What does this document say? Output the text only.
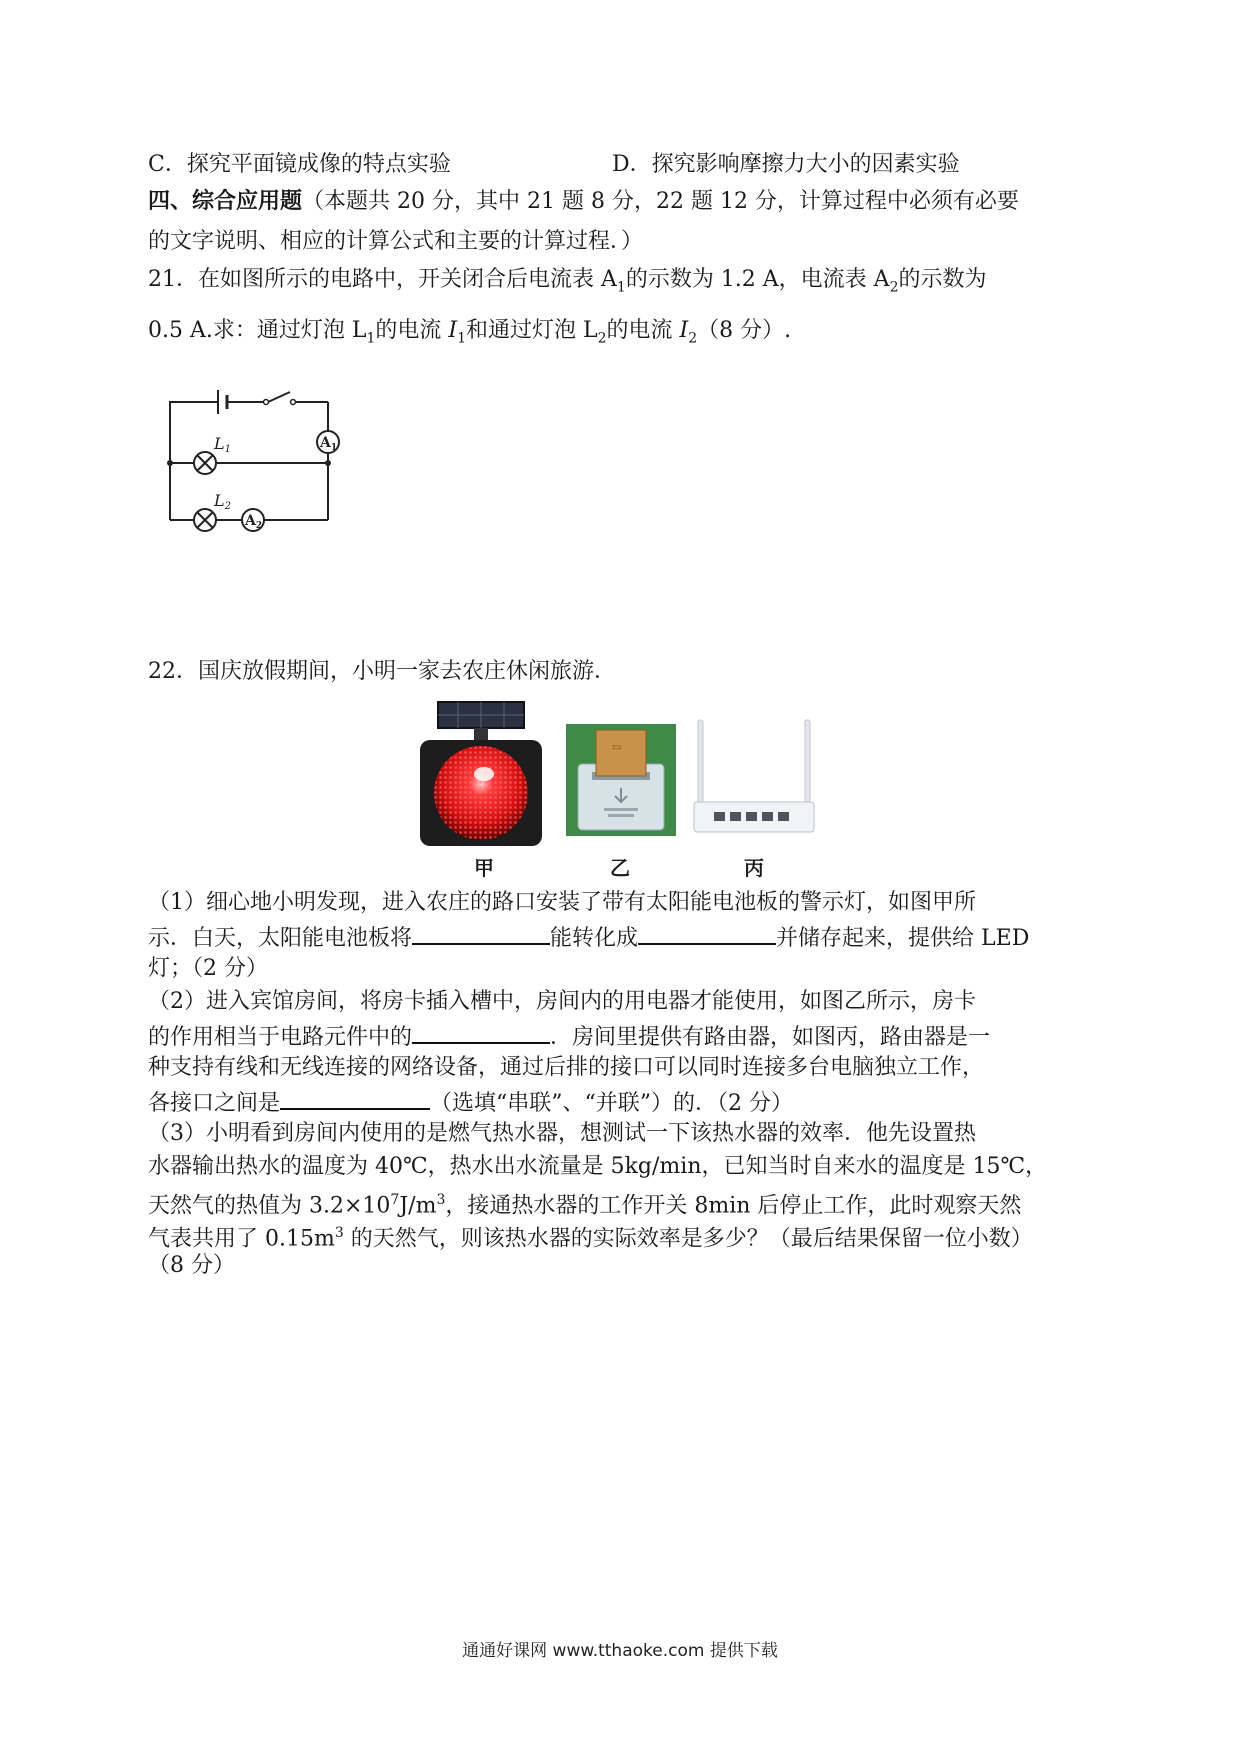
C．探究平面镜成像的特点实验	D．探究影响摩擦力大小的因素实验
四、综合应用题（本题共 20 分，其中 21 题 8 分，22 题 12 分，计算过程中必须有必要
的文字说明、相应的计算公式和主要的计算过程．）
21．在如图所示的电路中，开关闭合后电流表 $A_1$的示数为 1.2 A，电流表 $A_2$的示数为
0.5 A.求：通过灯泡 $L_1$的电流 $I_1$和通过灯泡 $L_2$的电流 $I_2(8$ 分）.
$A_1$
$A_2$
L1
L2
22．国庆放假期间，小明一家去农庄休闲旅游．
▭
甲	乙	丙
（1）细心地小明发现，进入农庄的路口安装了带有太阳能电池板的警示灯，如图甲所
示．白天，太阳能电池板将	能转化成	并储存起来，提供给 LED
灯；（2 分）
（2）进入宾馆房间，将房卡插入槽中，房间内的用电器才能使用，如图乙所示，房卡
的作用相当于电路元件中的	．房间里提供有路由器，如图丙，路由器是一
种支持有线和无线连接的网络设备，通过后排的接口可以同时连接多台电脑独立工作，
各接口之间是	（选填“串联”、“并联”）的．（2 分）
（3）小明看到房间内使用的是燃气热水器，想测试一下该热水器的效率．他先设置热
水器输出热水的温度为 40℃，热水出水流量是 5kg/min，已知当时自来水的温度是 15℃，
天然气的热值为 $3.2\times 10^7J/m^3$，接通热水器的工作开关 8min 后停止工作，此时观察天然
气表共用了 $0.15m^3$ 的天然气，则该热水器的实际效率是多少？（最后结果保留一位小数）
（8 分）
通通好课网 www.tthaoke.com 提供下载
